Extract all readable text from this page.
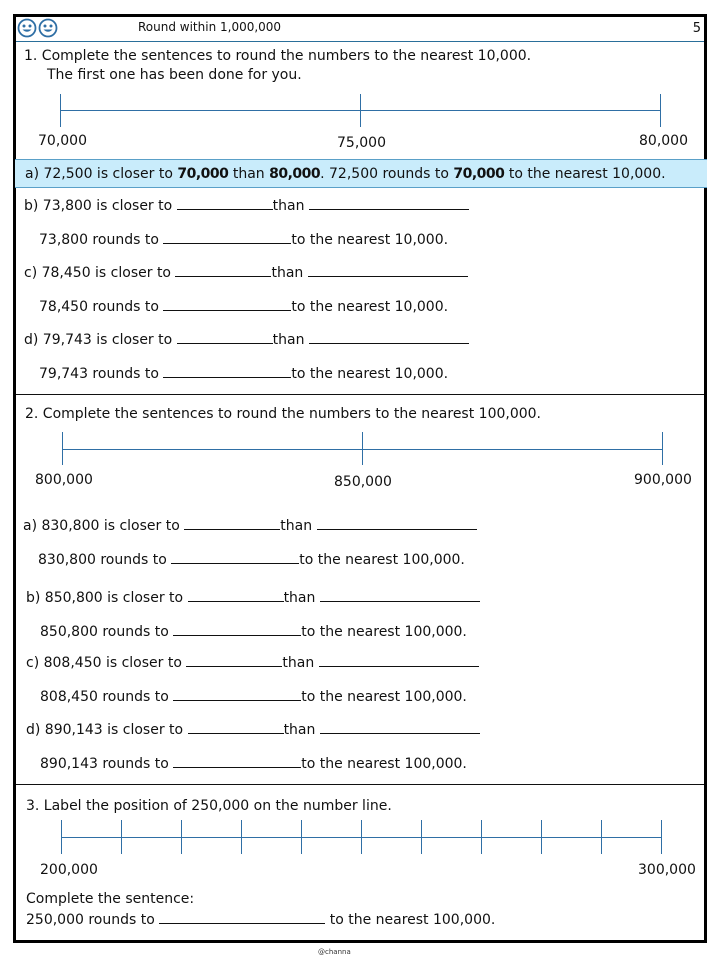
Round within 1,000,000	5
1. Complete the sentences to round the numbers to the nearest 10,000.
The first one has been done for you.
70,000	75,000	80,000
a) 72,500 is closer to 70,000 than 80,000. 72,500 rounds to 70,000 to the nearest 10,000.
b) 73,800 is closer to	than
73,800 rounds to	to the nearest 10,000.
c) 78,450 is closer to	than
78,450 rounds to	to the nearest 10,000.
d) 79,743 is closer to	than
79,743 rounds to	to the nearest 10,000.
2. Complete the sentences to round the numbers to the nearest 100,000.
800,000	850,000	900,000
a) 830,800 is closer to	than
830,800 rounds to	to the nearest 100,000.
b) 850,800 is closer to	than
850,800 rounds to	to the nearest 100,000.
c) 808,450 is closer to	than
808,450 rounds to	to the nearest 100,000.
d) 890,143 is closer to	than
890,143 rounds to	to the nearest 100,000.
3. Label the position of 250,000 on the number line.
200,000	300,000
Complete the sentence:
250,000 rounds to	to the nearest 100,000.
@channa
